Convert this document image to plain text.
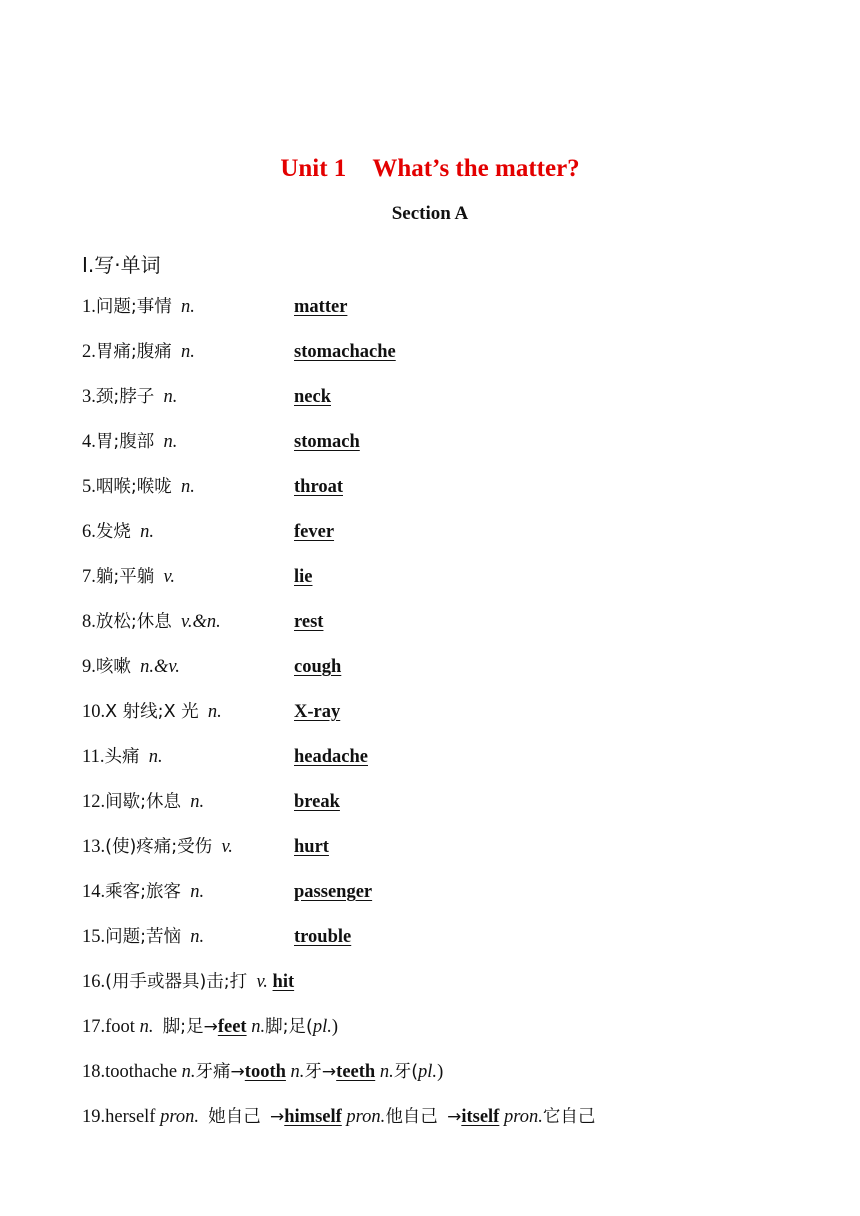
Unit 1 What’s the matter?
Section A
Ⅰ.写·单词
1.问题;事情 n.	matter
2.胃痛;腹痛 n.	stomachache
3.颈;脖子 n.	neck
4.胃;腹部 n.	stomach
5.咽喉;喉咙 n.	throat
6.发烧 n.	fever
7.躺;平躺 v.	lie
8.放松;休息 v.&n.	rest
9.咳嗽 n.&v.	cough
10.X 射线;X 光 n.	X-ray
11.头痛 n.	headache
12.间歇;休息 n.	break
13.(使)疼痛;受伤 v.	hurt
14.乘客;旅客 n.	passenger
15.问题;苦恼 n.	trouble
16.(用手或器具)击;打 v. hit
17.foot n. 脚;足→feet n.脚;足(pl.)
18.toothache n.牙痛→tooth n.牙→teeth n.牙(pl.)
19.herself pron. 她自己 →himself pron.他自己 →itself pron.它自己
